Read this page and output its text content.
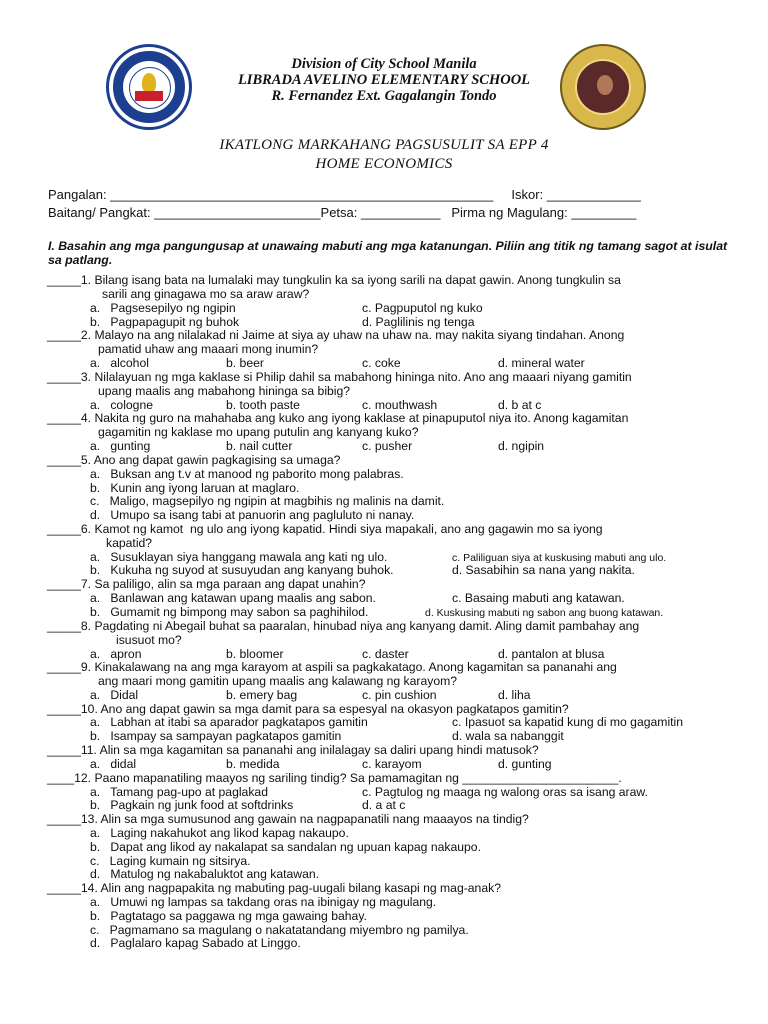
Division of City School Manila
LIBRADA AVELINO ELEMENTARY SCHOOL
R. Fernandez Ext. Gagalangin Tondo
IKATLONG MARKAHANG PAGSUSULIT SA EPP 4
HOME ECONOMICS
Pangalan: _____________________________________________________     Iskor: _____________
Baitang/ Pangkat: _______________________Petsa: ___________   Pirma ng Magulang: _________
I. Basahin ang mga pangungusap at unawaing mabuti ang mga katanungan. Piliin ang titik ng tamang sagot at isulat sa patlang.
_____1. Bilang isang bata na lumalaki may tungkulin ka sa iyong sarili na dapat gawin. Anong tungkulin sa
sarili ang ginagawa mo sa araw araw?
a.   Pagsesepilyo ng ngipin	c. Pagpuputol ng kuko
b.   Pagpapagupit ng buhok	d. Paglilinis ng tenga
_____2. Malayo na ang nilalakad ni Jaime at siya ay uhaw na uhaw na. may nakita siyang tindahan. Anong
pamatid uhaw ang maaari mong inumin?
a.   alcohol	b. beer	c. coke	d. mineral water
_____3. Nilalayuan ng mga kaklase si Philip dahil sa mabahong hininga nito. Ano ang maaari niyang gamitin
upang maalis ang mabahong hininga sa bibig?
a.   cologne	b. tooth paste	c. mouthwash	d. b at c
_____4. Nakita ng guro na mahahaba ang kuko ang iyong kaklase at pinapuputol niya ito. Anong kagamitan
gagamitin ng kaklase mo upang putulin ang kanyang kuko?
a.   gunting	b. nail cutter	c. pusher	d. ngipin
_____5. Ano ang dapat gawin pagkagising sa umaga?
a.   Buksan ang t.v at manood ng paborito mong palabras.
b.   Kunin ang iyong laruan at maglaro.
c.   Maligo, magsepilyo ng ngipin at magbihis ng malinis na damit.
d.   Umupo sa isang tabi at panuorin ang pagluluto ni nanay.
_____6. Kamot ng kamot  ng ulo ang iyong kapatid. Hindi siya mapakali, ano ang gagawin mo sa iyong
kapatid?
a.   Susuklayan siya hanggang mawala ang kati ng ulo.	c. Paliliguan siya at kuskusing mabuti ang ulo.
b.   Kukuha ng suyod at susuyudan ang kanyang buhok.	d. Sasabihin sa nana yang nakita.
_____7. Sa paliligo, alin sa mga paraan ang dapat unahin?
a.   Banlawan ang katawan upang maalis ang sabon.	c. Basaing mabuti ang katawan.
b.   Gumamit ng bimpong may sabon sa paghihilod.	d. Kuskusing mabuti ng sabon ang buong katawan.
_____8. Pagdating ni Abegail buhat sa paaralan, hinubad niya ang kanyang damit. Aling damit pambahay ang
isusuot mo?
a.   apron	b. bloomer	c. daster	d. pantalon at blusa
_____9. Kinakalawang na ang mga karayom at aspili sa pagkakatago. Anong kagamitan sa pananahi ang
ang maari mong gamitin upang maalis ang kalawang ng karayom?
a.   Didal	b. emery bag	c. pin cushion	d. liha
_____10. Ano ang dapat gawin sa mga damit para sa espesyal na okasyon pagkatapos gamitin?
a.   Labhan at itabi sa aparador pagkatapos gamitin	c. Ipasuot sa kapatid kung di mo gagamitin
b.   Isampay sa sampayan pagkatapos gamitin	d. wala sa nabanggit
_____11. Alin sa mga kagamitan sa pananahi ang inilalagay sa daliri upang hindi matusok?
a.   didal	b. medida	c. karayom	d. gunting
____12. Paano mapanatiling maayos ng sariling tindig? Sa pamamagitan ng _______________________.
a.   Tamang pag-upo at paglakad	c. Pagtulog ng maaga ng walong oras sa isang araw.
b.   Pagkain ng junk food at softdrinks	d. a at c
_____13. Alin sa mga sumusunod ang gawain na nagpapanatili nang maaayos na tindig?
a.   Laging nakahukot ang likod kapag nakaupo.
b.   Dapat ang likod ay nakalapat sa sandalan ng upuan kapag nakaupo.
c.   Laging kumain ng sitsirya.
d.   Matulog ng nakabaluktot ang katawan.
_____14. Alin ang nagpapakita ng mabuting pag-uugali bilang kasapi ng mag-anak?
a.   Umuwi ng lampas sa takdang oras na ibinigay ng magulang.
b.   Pagtatago sa paggawa ng mga gawaing bahay.
c.   Pagmamano sa magulang o nakatatandang miyembro ng pamilya.
d.   Paglalaro kapag Sabado at Linggo.
